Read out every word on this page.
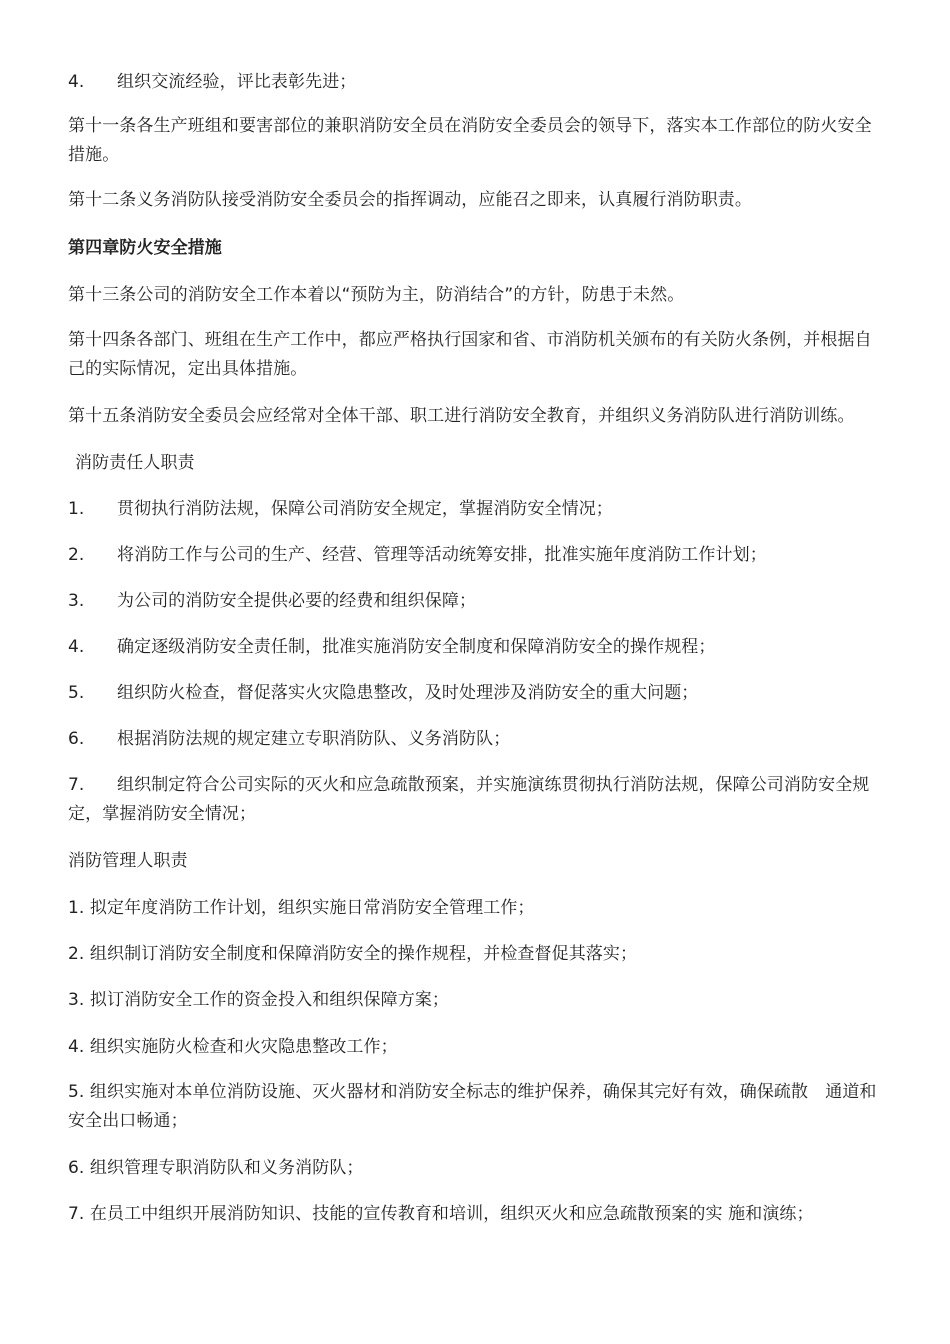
4. 组织交流经验，评比表彰先进；
第十一条各生产班组和要害部位的兼职消防安全员在消防安全委员会的领导下，落实本工作部位的防火安全措施。
第十二条义务消防队接受消防安全委员会的指挥调动，应能召之即来，认真履行消防职责。
第四章防火安全措施
第十三条公司的消防安全工作本着以“预防为主，防消结合”的方针，防患于未然。
第十四条各部门、班组在生产工作中，都应严格执行国家和省、市消防机关颁布的有关防火条例，并根据自己的实际情况，定出具体措施。
第十五条消防安全委员会应经常对全体干部、职工进行消防安全教育，并组织义务消防队进行消防训练。
消防责任人职责
1. 贯彻执行消防法规，保障公司消防安全规定，掌握消防安全情况；
2. 将消防工作与公司的生产、经营、管理等活动统筹安排，批准实施年度消防工作计划；
3. 为公司的消防安全提供必要的经费和组织保障；
4. 确定逐级消防安全责任制，批准实施消防安全制度和保障消防安全的操作规程；
5. 组织防火检查，督促落实火灾隐患整改，及时处理涉及消防安全的重大问题；
6. 根据消防法规的规定建立专职消防队、义务消防队；
7. 组织制定符合公司实际的灭火和应急疏散预案，并实施演练贯彻执行消防法规，保障公司消防安全规定，掌握消防安全情况；
消防管理人职责
1. 拟定年度消防工作计划，组织实施日常消防安全管理工作；
2. 组织制订消防安全制度和保障消防安全的操作规程，并检查督促其落实；
3. 拟订消防安全工作的资金投入和组织保障方案；
4. 组织实施防火检查和火灾隐患整改工作；
5. 组织实施对本单位消防设施、灭火器材和消防安全标志的维护保养，确保其完好有效，确保疏散　通道和安全出口畅通；
6. 组织管理专职消防队和义务消防队；
7. 在员工中组织开展消防知识、技能的宣传教育和培训，组织灭火和应急疏散预案的实 施和演练；
